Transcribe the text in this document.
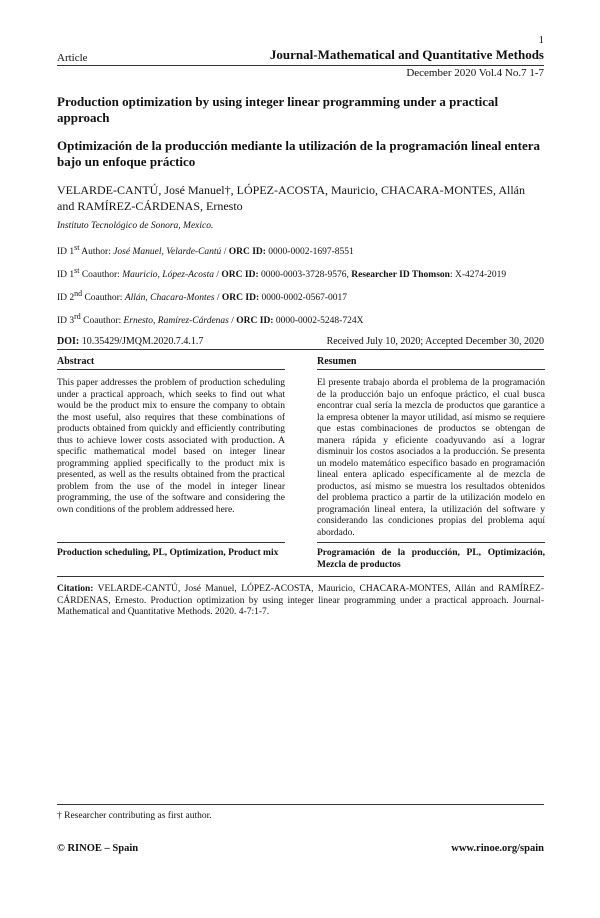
1
Article	Journal-Mathematical and Quantitative Methods
December 2020 Vol.4 No.7 1-7
Production optimization by using integer linear programming under a practical approach
Optimización de la producción mediante la utilización de la programación lineal entera bajo un enfoque práctico
VELARDE-CANTÚ, José Manuel†, LÓPEZ-ACOSTA, Mauricio, CHACARA-MONTES, Allán and RAMÍREZ-CÁRDENAS, Ernesto
Instituto Tecnológico de Sonora, Mexico.
ID 1st Author: José Manuel, Velarde-Cantú / ORC ID: 0000-0002-1697-8551
ID 1st Coauthor: Mauricio, López-Acosta / ORC ID: 0000-0003-3728-9576, Researcher ID Thomson: X-4274-2019
ID 2nd Coauthor: Allán, Chacara-Montes / ORC ID: 0000-0002-0567-0017
ID 3rd Coauthor: Ernesto, Ramírez-Cárdenas / ORC ID: 0000-0002-5248-724X
DOI: 10.35429/JMQM.2020.7.4.1.7	Received July 10, 2020; Accepted December 30, 2020
Abstract
This paper addresses the problem of production scheduling under a practical approach, which seeks to find out what would be the product mix to ensure the company to obtain the most useful, also requires that these combinations of products obtained from quickly and efficiently contributing thus to achieve lower costs associated with production. A specific mathematical model based on integer linear programming applied specifically to the product mix is presented, as well as the results obtained from the practical problem from the use of the model in integer linear programming, the use of the software and considering the own conditions of the problem addressed here.
Production scheduling, PL, Optimization, Product mix
Resumen
El presente trabajo aborda el problema de la programación de la producción bajo un enfoque práctico, el cual busca encontrar cual sería la mezcla de productos que garantice a la empresa obtener la mayor utilidad, así mismo se requiere que estas combinaciones de productos se obtengan de manera rápida y eficiente coadyuvando así a lograr disminuir los costos asociados a la producción. Se presenta un modelo matemático específico basado en programación lineal entera aplicado específicamente al de mezcla de productos, así mismo se muestra los resultados obtenidos del problema practico a partir de la utilización modelo en programación lineal entera, la utilización del software y considerando las condiciones propias del problema aquí abordado.
Programación de la producción, PL, Optimización, Mezcla de productos
Citation: VELARDE-CANTÚ, José Manuel, LÓPEZ-ACOSTA, Mauricio, CHACARA-MONTES, Allán and RAMÍREZ-CÁRDENAS, Ernesto. Production optimization by using integer linear programming under a practical approach. Journal-Mathematical and Quantitative Methods. 2020. 4-7:1-7.
† Researcher contributing as first author.
© RINOE – Spain	www.rinoe.org/spain
